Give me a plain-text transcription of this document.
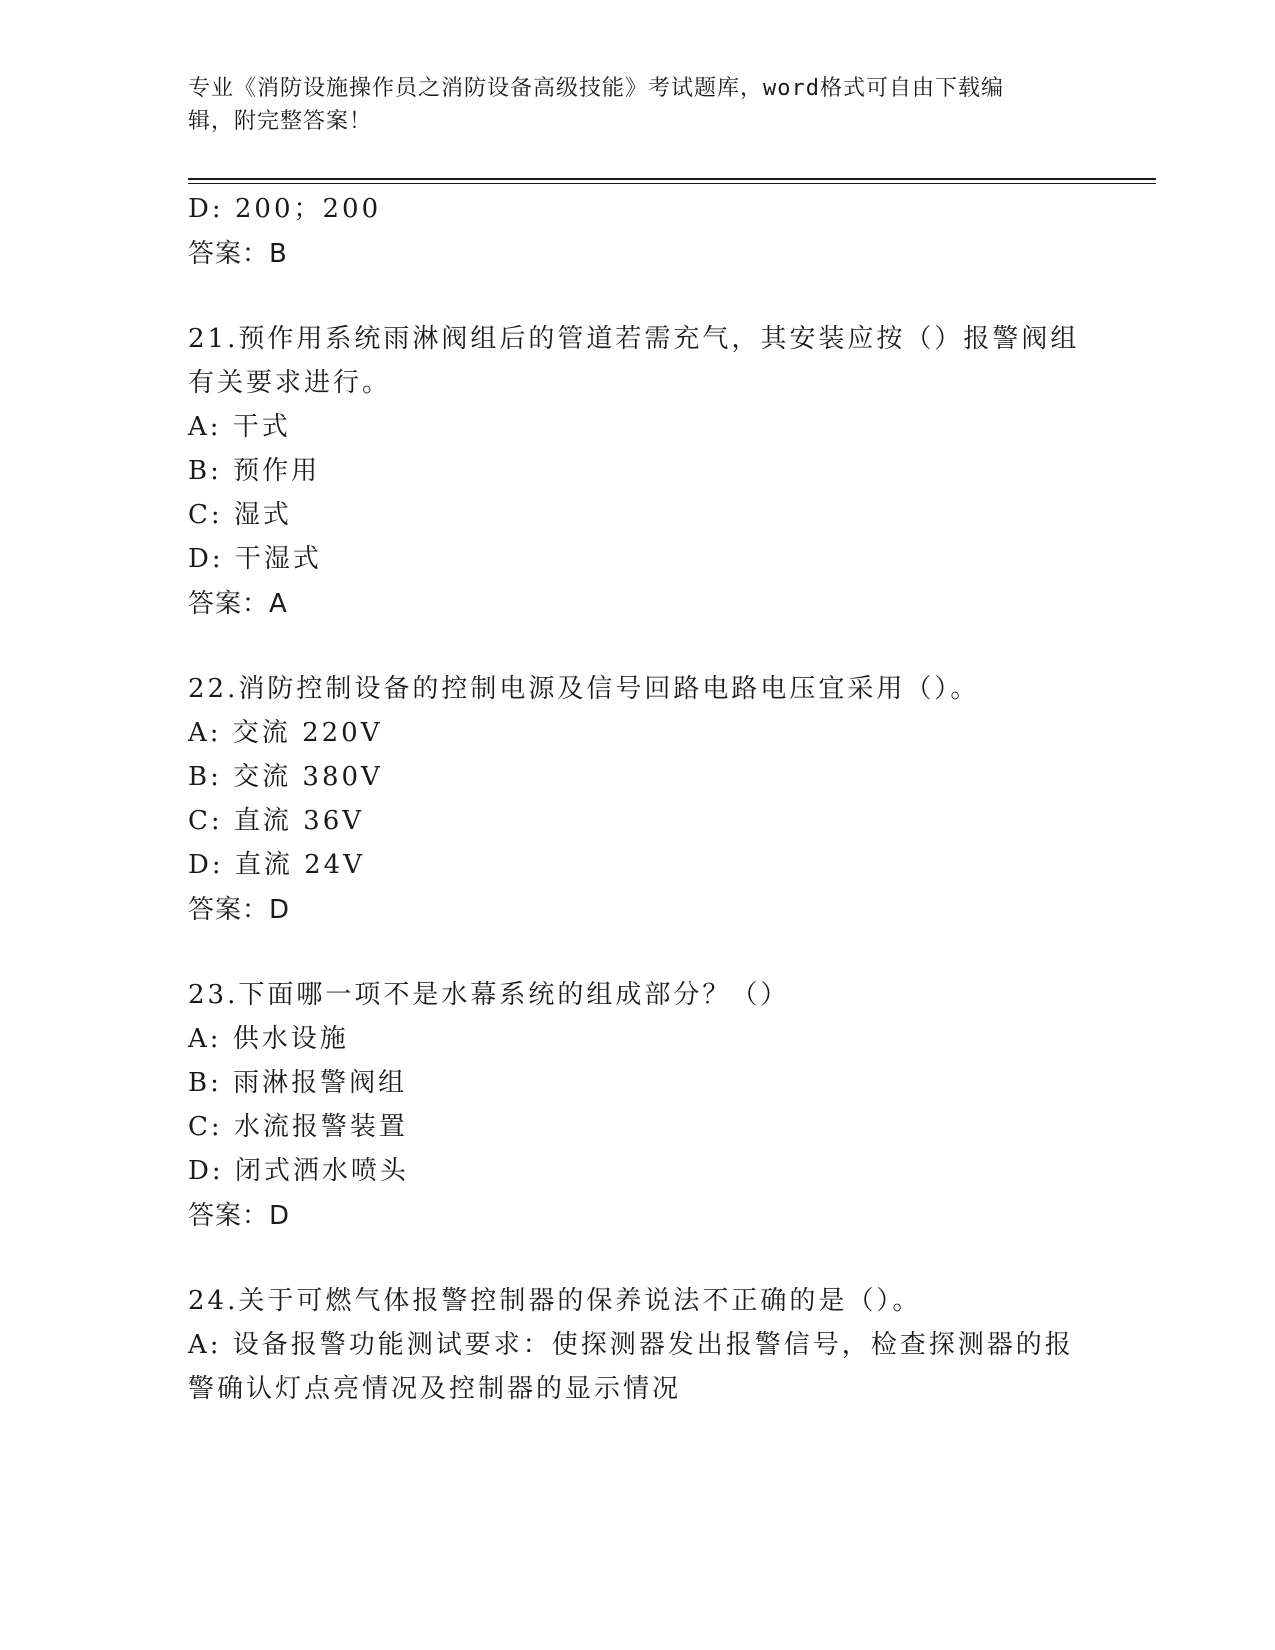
专业《消防设施操作员之消防设备高级技能》考试题库，word格式可自由下载编
辑，附完整答案！
D: 200；200
答案：B
21.预作用系统雨淋阀组后的管道若需充气，其安装应按（）报警阀组
有关要求进行。
A: 干式
B: 预作用
C: 湿式
D: 干湿式
答案：A
22.消防控制设备的控制电源及信号回路电路电压宜采用（）。
A: 交流 220V
B: 交流 380V
C: 直流 36V
D: 直流 24V
答案：D
23.下面哪一项不是水幕系统的组成部分？（）
A: 供水设施
B: 雨淋报警阀组
C: 水流报警装置
D: 闭式洒水喷头
答案：D
24.关于可燃气体报警控制器的保养说法不正确的是（）。
A: 设备报警功能测试要求：使探测器发出报警信号，检查探测器的报
警确认灯点亮情况及控制器的显示情况
